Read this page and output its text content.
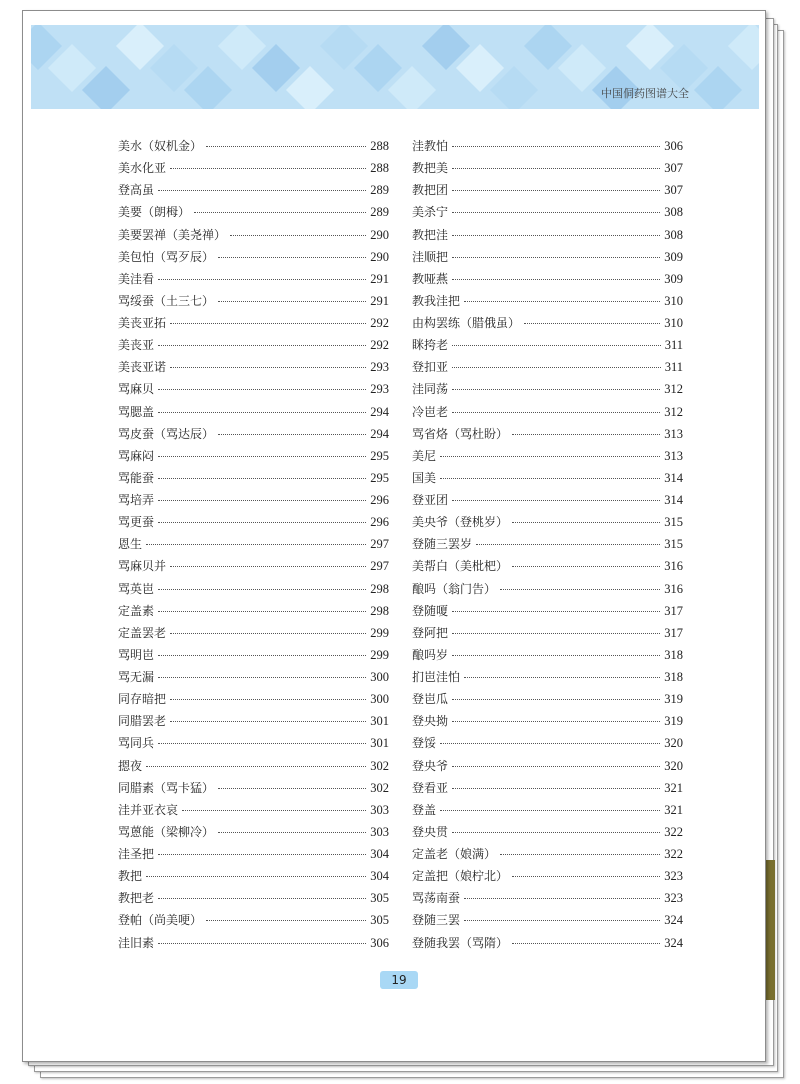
中国侗药图谱大全
美水（奴机金）	288
美水化亚	288
登高虽	289
美要（朗栂）	289
美要罢禅（美尧禅）	290
美包怕（骂歹辰）	290
美洼看	291
骂绥蚕（土三七）	291
美丧亚拓	292
美丧亚	292
美丧亚诺	293
骂麻贝	293
骂腮盖	294
骂皮蚕（骂达辰）	294
骂麻闷	295
骂能蚕	295
骂培弄	296
骂更蚕	296
恩生	297
骂麻贝并	297
骂英岜	298
定盖素	298
定盖罢老	299
骂明岜	299
骂无漏	300
同存暗把	300
同腊罢老	301
骂同兵	301
摁夜	302
同腊素（骂卡猛）	302
洼并亚衣哀	303
骂蒽能（梁柳冷）	303
洼圣把	304
教把	304
教把老	305
登帕（尚美哽）	305
洼旧素	306
洼教怕	306
教把美	307
教把团	307
美杀宁	308
教把洼	308
洼顺把	309
教哑燕	309
教我洼把	310
由构罢练（腊俄虽）	310
眯挎老	311
登扣亚	311
洼同荡	312
冷岜老	312
骂省烙（骂杜盼）	313
美尼	313
国美	314
登亚团	314
美央爷（登桃岁）	315
登随三罢岁	315
美帮白（美枇杷）	316
酿吗（翁门告）	316
登随嗄	317
登阿把	317
酿吗岁	318
扪岜洼怕	318
登岜瓜	319
登央拗	319
登馁	320
登央爷	320
登看亚	321
登盖	321
登央贯	322
定盖老（娘满）	322
定盖把（娘柠北）	323
骂荡南蚕	323
登随三罢	324
登随我罢（骂隋）	324
19
